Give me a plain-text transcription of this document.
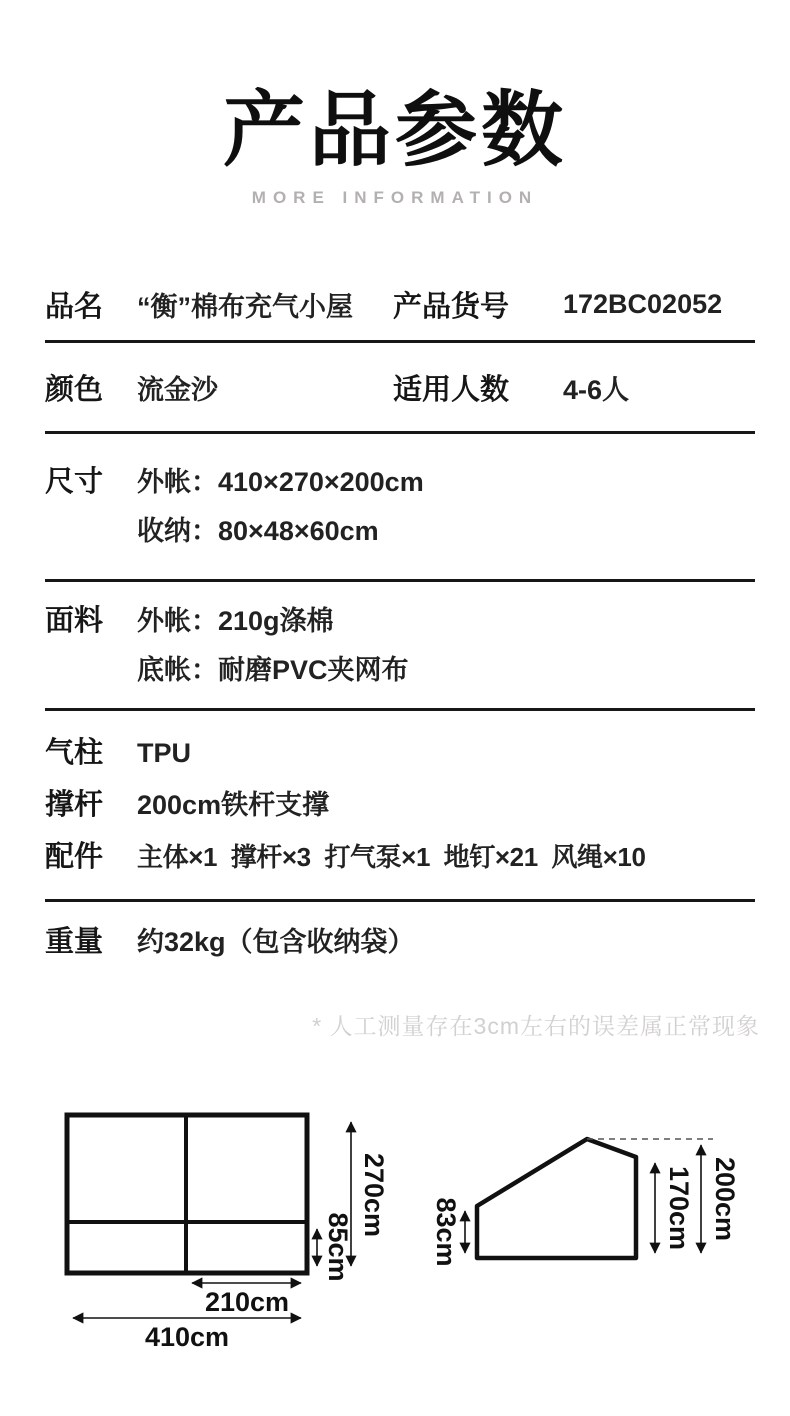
产品参数
MORE INFORMATION
品名	“衡”棉布充气小屋	产品货号	172BC02052
颜色	流金沙	适用人数	4-6人
尺寸	外帐：410×270×200cm
收纳：80×48×60cm
面料	外帐：210g涤棉
底帐：耐磨PVC夹网布
气柱	TPU
撑杆	200cm铁杆支撑
配件	主体×1  撑杆×3  打气泵×1  地钉×21  风绳×10
重量	约32kg（包含收纳袋）
* 人工测量存在3cm左右的误差属正常现象
270cm
85cm
210cm
410cm
83cm	170cm 200cm
